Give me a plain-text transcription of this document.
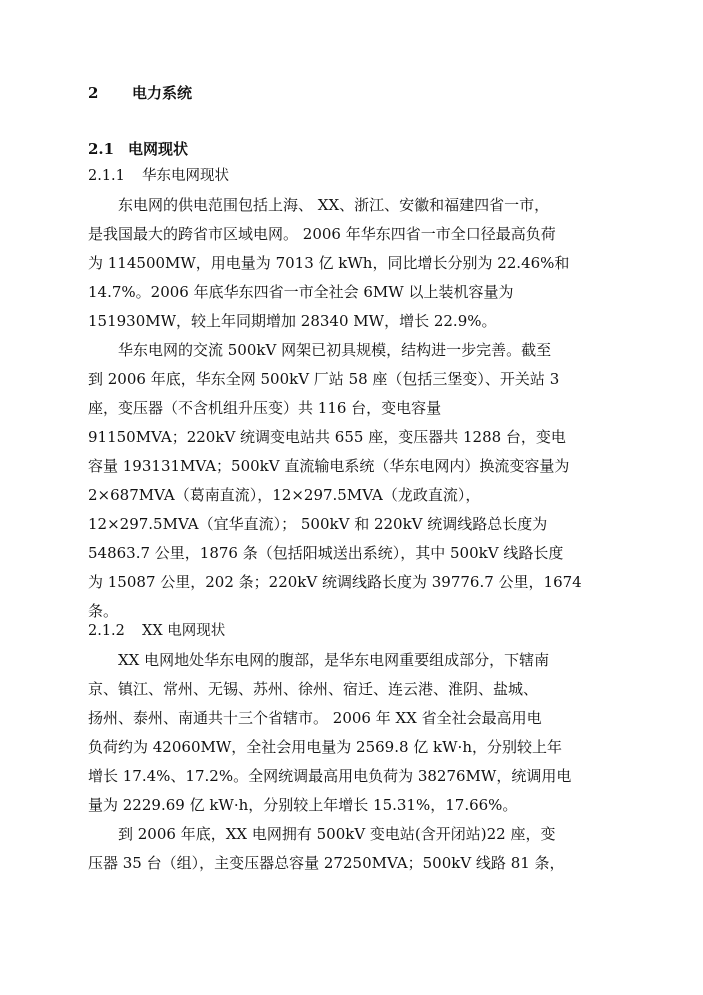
2 电力系统
2.1 电网现状
2.1.1 华东电网现状
东电网的供电范围包括上海、 XX、浙江、安徽和福建四省一市，
是我国最大的跨省市区域电网。 2006 年华东四省一市全口径最高负荷
为 114500MW，用电量为 7013 亿 kWh，同比增长分别为 22.46%和
14.7%。2006 年底华东四省一市全社会 6MW 以上装机容量为
151930MW，较上年同期增加 28340 MW，增长 22.9%。
华东电网的交流 500kV 网架已初具规模，结构进一步完善。截至
到 2006 年底，华东全网 500kV 厂站 58 座（包括三堡变）、开关站 3
座，变压器（不含机组升压变）共 116 台，变电容量
91150MVA；220kV 统调变电站共 655 座，变压器共 1288 台，变电
容量 193131MVA；500kV 直流输电系统（华东电网内）换流变容量为
2×687MVA（葛南直流），12×297.5MVA（龙政直流），
12×297.5MVA（宜华直流）； 500kV 和 220kV 统调线路总长度为
54863.7 公里，1876 条（包括阳城送出系统），其中 500kV 线路长度
为 15087 公里，202 条；220kV 统调线路长度为 39776.7 公里，1674
条。
2.1.2 XX 电网现状
XX 电网地处华东电网的腹部，是华东电网重要组成部分，下辖南
京、镇江、常州、无锡、苏州、徐州、宿迁、连云港、淮阴、盐城、
扬州、泰州、南通共十三个省辖市。 2006 年 XX 省全社会最高用电
负荷约为 42060MW，全社会用电量为 2569.8 亿 kW·h，分别较上年
增长 17.4%、17.2%。全网统调最高用电负荷为 38276MW，统调用电
量为 2229.69 亿 kW·h，分别较上年增长 15.31%，17.66%。
到 2006 年底，XX 电网拥有 500kV 变电站(含开闭站)22 座，变
压器 35 台（组），主变压器总容量 27250MVA；500kV 线路 81 条，
